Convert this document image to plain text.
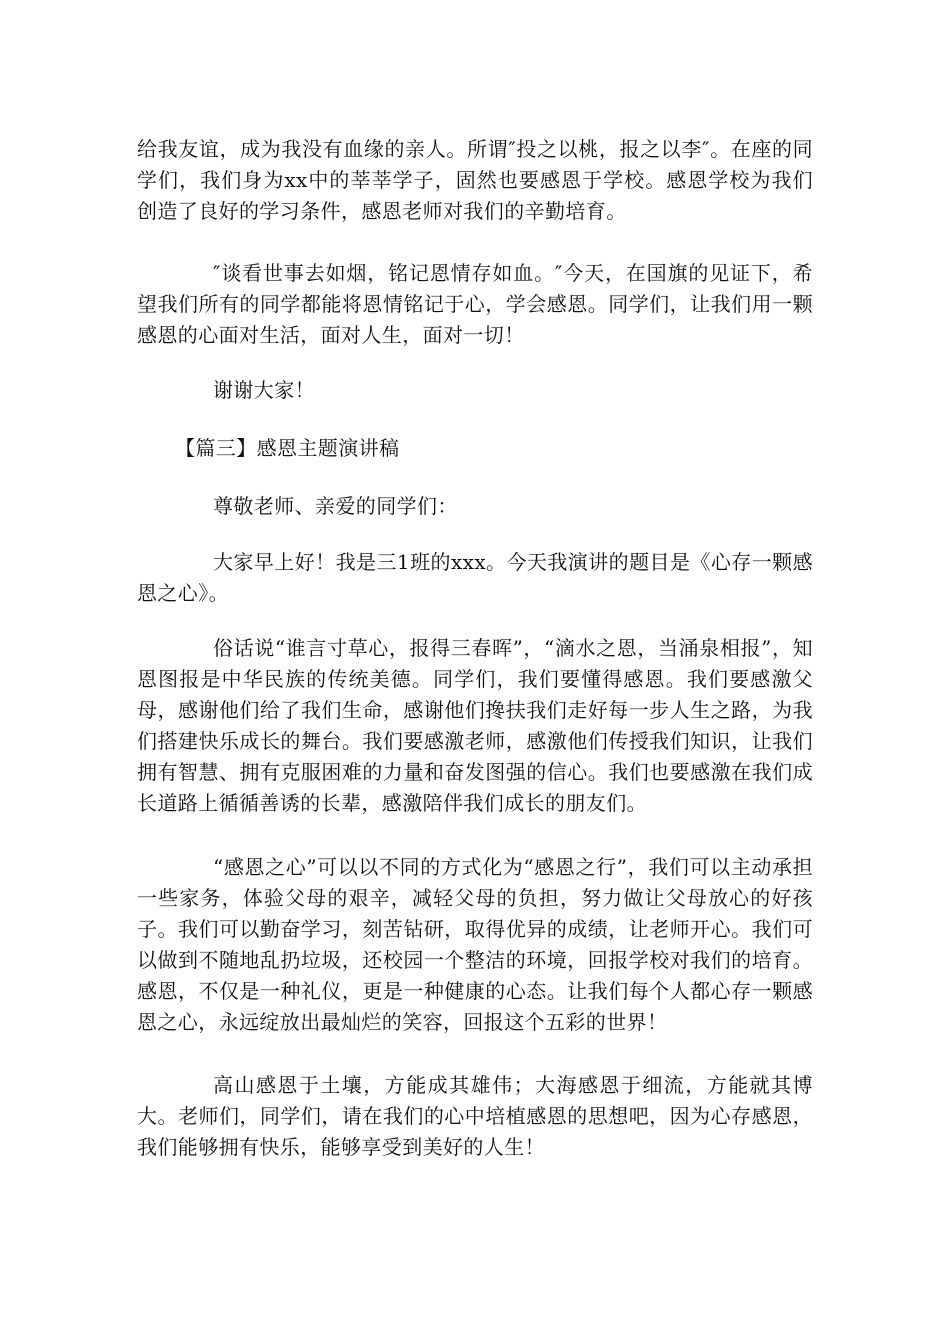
给我友谊，成为我没有血缘的亲人。所谓″投之以桃，报之以李″。在座的同学们，我们身为xx中的莘莘学子，固然也要感恩于学校。感恩学校为我们创造了良好的学习条件，感恩老师对我们的辛勤培育。

″谈看世事去如烟，铭记恩情存如血。″今天，在国旗的见证下，希望我们所有的同学都能将恩情铭记于心，学会感恩。同学们，让我们用一颗感恩的心面对生活，面对人生，面对一切！

谢谢大家！

【篇三】感恩主题演讲稿

尊敬老师、亲爱的同学们：

大家早上好！我是三1班的xxx。今天我演讲的题目是《心存一颗感恩之心》。

俗话说“谁言寸草心，报得三春晖”，“滴水之恩，当涌泉相报”，知恩图报是中华民族的传统美德。同学们，我们要懂得感恩。我们要感激父母，感谢他们给了我们生命，感谢他们搀扶我们走好每一步人生之路，为我们搭建快乐成长的舞台。我们要感激老师，感激他们传授我们知识，让我们拥有智慧、拥有克服困难的力量和奋发图强的信心。我们也要感激在我们成长道路上循循善诱的长辈，感激陪伴我们成长的朋友们。

“感恩之心”可以以不同的方式化为“感恩之行”，我们可以主动承担一些家务，体验父母的艰辛，减轻父母的负担，努力做让父母放心的好孩子。我们可以勤奋学习，刻苦钻研，取得优异的成绩，让老师开心。我们可以做到不随地乱扔垃圾，还校园一个整洁的环境，回报学校对我们的培育。感恩，不仅是一种礼仪，更是一种健康的心态。让我们每个人都心存一颗感恩之心，永远绽放出最灿烂的笑容，回报这个五彩的世界！

高山感恩于土壤，方能成其雄伟；大海感恩于细流，方能就其博大。老师们，同学们，请在我们的心中培植感恩的思想吧，因为心存感恩，我们能够拥有快乐，能够享受到美好的人生！
